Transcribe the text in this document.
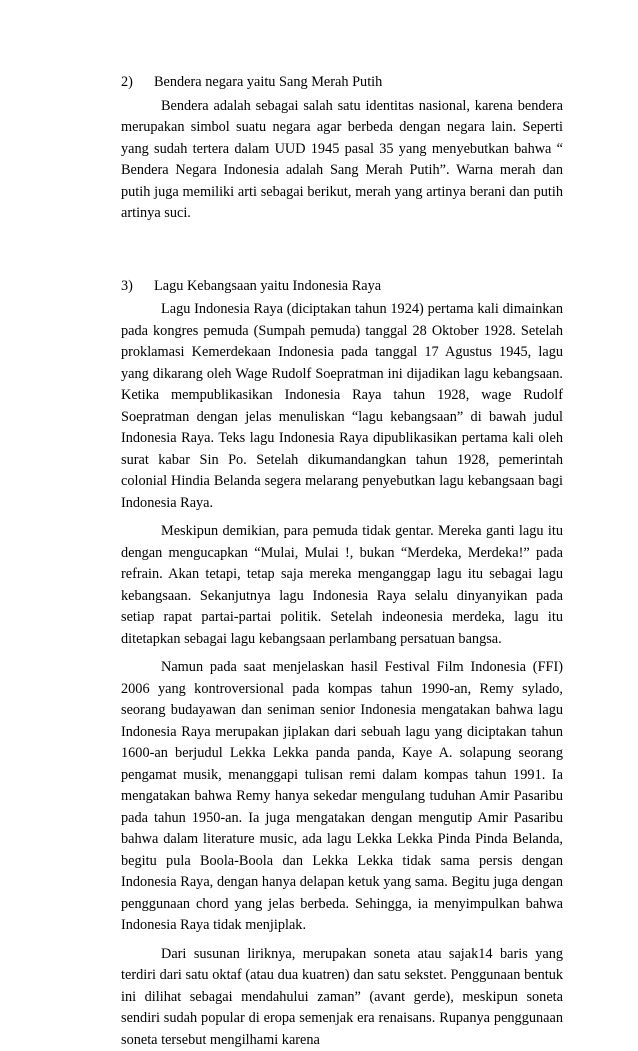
2)	Bendera negara yaitu Sang Merah Putih

Bendera adalah sebagai salah satu identitas nasional, karena bendera merupakan simbol suatu negara agar berbeda dengan negara lain. Seperti yang sudah tertera dalam UUD 1945 pasal 35 yang menyebutkan bahwa “ Bendera Negara Indonesia adalah Sang Merah Putih”. Warna merah dan putih juga memiliki arti sebagai berikut, merah yang artinya berani dan putih artinya suci.

3)	Lagu Kebangsaan yaitu Indonesia Raya

Lagu Indonesia Raya (diciptakan tahun 1924) pertama kali dimainkan pada kongres pemuda (Sumpah pemuda) tanggal 28 Oktober 1928. Setelah proklamasi Kemerdekaan Indonesia pada tanggal 17 Agustus 1945, lagu yang dikarang oleh Wage Rudolf Soepratman ini dijadikan lagu kebangsaan. Ketika mempublikasikan Indonesia Raya tahun 1928, wage Rudolf Soepratman dengan jelas menuliskan “lagu kebangsaan” di bawah judul Indonesia Raya. Teks lagu Indonesia Raya dipublikasikan pertama kali oleh surat kabar Sin Po. Setelah dikumandangkan tahun 1928, pemerintah colonial Hindia Belanda segera melarang penyebutkan lagu kebangsaan bagi Indonesia Raya.

Meskipun demikian, para pemuda tidak gentar. Mereka ganti lagu itu dengan mengucapkan “Mulai, Mulai !, bukan “Merdeka, Merdeka!” pada refrain. Akan tetapi, tetap saja mereka menganggap lagu itu sebagai lagu kebangsaan. Sekanjutnya lagu Indonesia Raya selalu dinyanyikan pada setiap rapat partai-partai politik. Setelah indeonesia merdeka, lagu itu ditetapkan sebagai lagu kebangsaan perlambang persatuan bangsa.

Namun pada saat menjelaskan hasil Festival Film Indonesia (FFI) 2006 yang kontroversional pada kompas tahun 1990-an, Remy sylado, seorang budayawan dan seniman senior Indonesia mengatakan bahwa lagu Indonesia Raya merupakan jiplakan dari sebuah lagu yang diciptakan tahun 1600-an berjudul Lekka Lekka panda panda, Kaye A. solapung seorang pengamat musik, menanggapi tulisan remi dalam kompas tahun 1991. Ia mengatakan bahwa Remy hanya sekedar mengulang tuduhan Amir Pasaribu pada tahun 1950-an. Ia juga mengatakan dengan mengutip Amir Pasaribu bahwa dalam literature music, ada lagu Lekka Lekka Pinda Pinda Belanda, begitu pula Boola-Boola dan Lekka Lekka tidak sama persis dengan Indonesia Raya, dengan hanya delapan ketuk yang sama. Begitu juga dengan penggunaan chord yang jelas berbeda. Sehingga, ia menyimpulkan bahwa Indonesia Raya tidak menjiplak.

Dari susunan liriknya, merupakan soneta atau sajak14 baris yang terdiri dari satu oktaf (atau dua kuatren) dan satu sekstet. Penggunaan bentuk ini dilihat sebagai mendahului zaman” (avant gerde), meskipun soneta sendiri sudah popular di eropa semenjak era renaisans. Rupanya penggunaan soneta tersebut mengilhami karena
